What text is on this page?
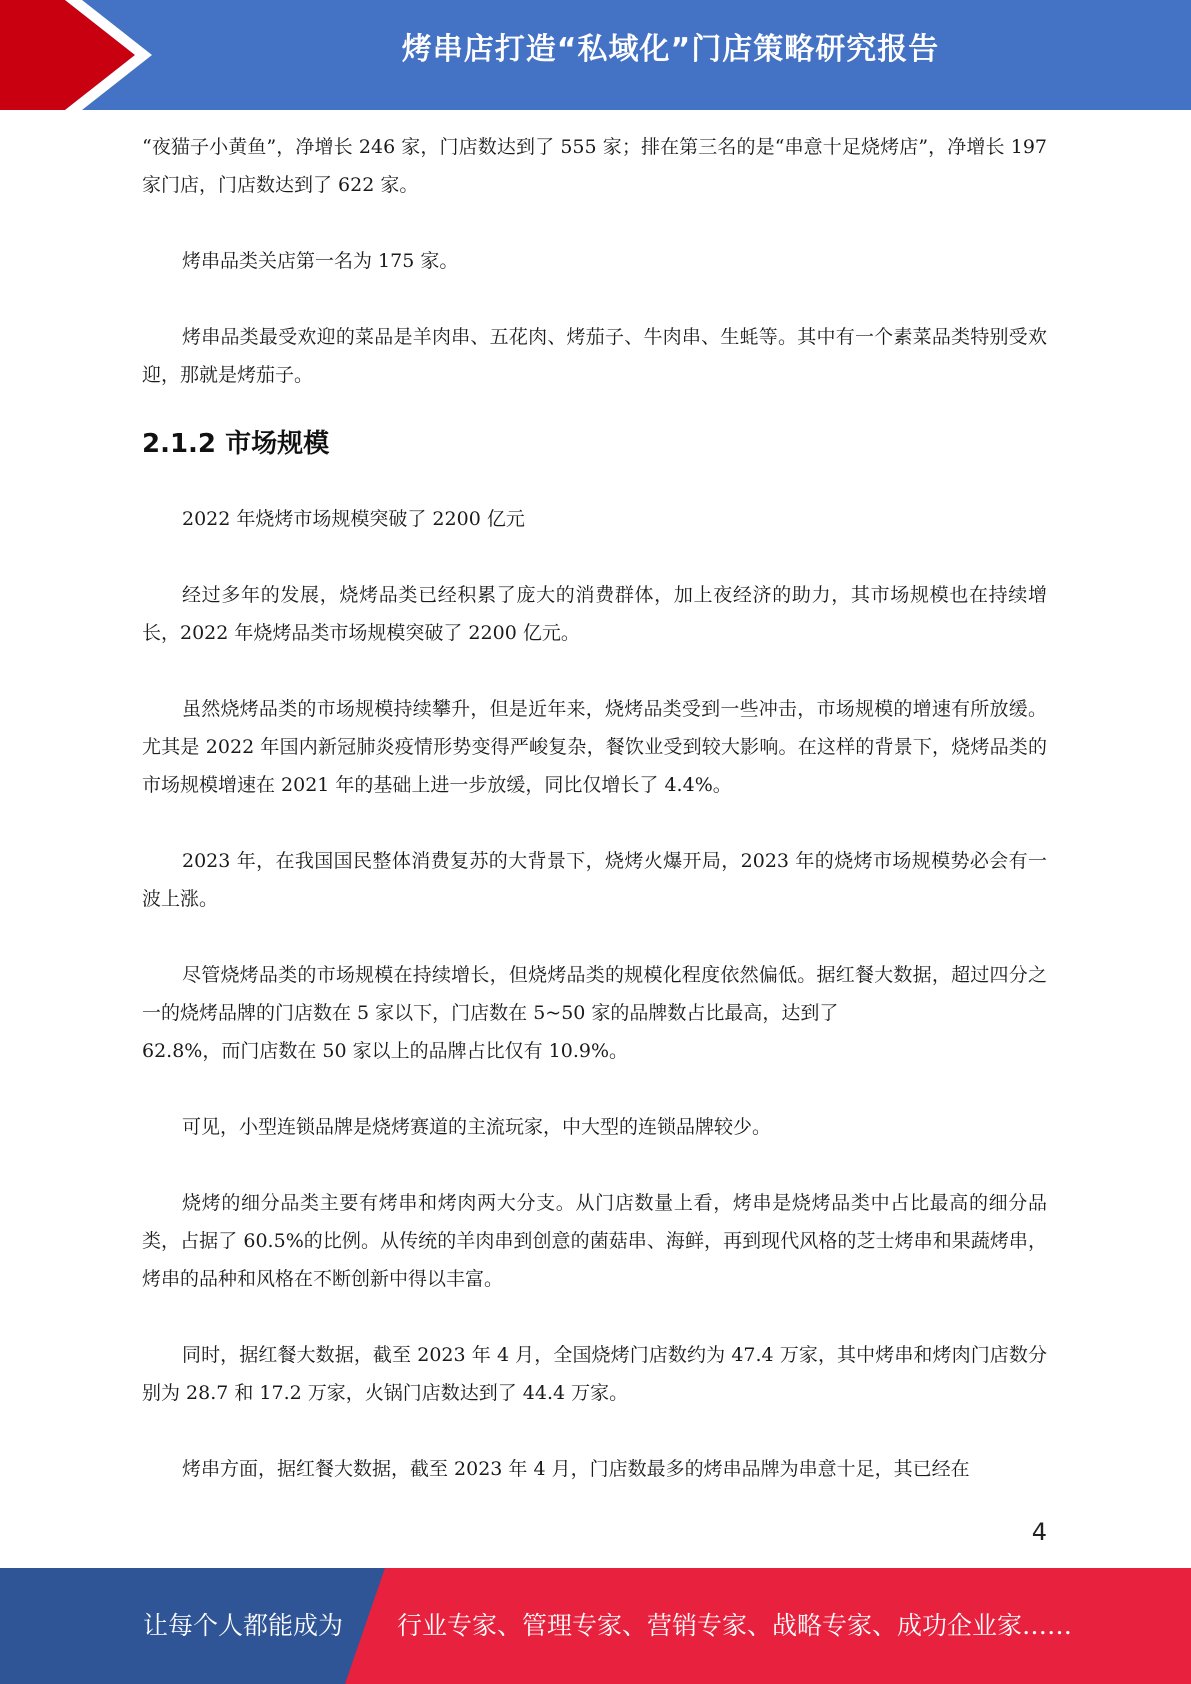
烤串店打造“私域化”门店策略研究报告

“夜猫子小黄鱼”，净增长 246 家，门店数达到了 555 家；排在第三名的是“串意十足烧烤店”，净增长 197 家门店，门店数达到了 622 家。

烤串品类关店第一名为 175 家。

烤串品类最受欢迎的菜品是羊肉串、五花肉、烤茄子、牛肉串、生蚝等。其中有一个素菜品类特别受欢迎，那就是烤茄子。

2.1.2 市场规模

2022 年烧烤市场规模突破了 2200 亿元

经过多年的发展，烧烤品类已经积累了庞大的消费群体，加上夜经济的助力，其市场规模也在持续增长，2022 年烧烤品类市场规模突破了 2200 亿元。

虽然烧烤品类的市场规模持续攀升，但是近年来，烧烤品类受到一些冲击，市场规模的增速有所放缓。尤其是 2022 年国内新冠肺炎疫情形势变得严峻复杂，餐饮业受到较大影响。在这样的背景下，烧烤品类的市场规模增速在 2021 年的基础上进一步放缓，同比仅增长了 4.4%。

2023 年，在我国国民整体消费复苏的大背景下，烧烤火爆开局，2023 年的烧烤市场规模势必会有一波上涨。

尽管烧烤品类的市场规模在持续增长，但烧烤品类的规模化程度依然偏低。据红餐大数据，超过四分之一的烧烤品牌的门店数在 5 家以下，门店数在 5~50 家的品牌数占比最高，达到了

62.8%，而门店数在 50 家以上的品牌占比仅有 10.9%。

可见，小型连锁品牌是烧烤赛道的主流玩家，中大型的连锁品牌较少。

烧烤的细分品类主要有烤串和烤肉两大分支。从门店数量上看，烤串是烧烤品类中占比最高的细分品类，占据了 60.5%的比例。从传统的羊肉串到创意的菌菇串、海鲜，再到现代风格的芝士烤串和果蔬烤串，烤串的品种和风格在不断创新中得以丰富。

同时，据红餐大数据，截至 2023 年 4 月，全国烧烤门店数约为 47.4 万家，其中烤串和烤肉门店数分别为 28.7 和 17.2 万家，火锅门店数达到了 44.4 万家。

烤串方面，据红餐大数据，截至 2023 年 4 月，门店数最多的烤串品牌为串意十足，其已经在

4
让每个人都能成为 行业专家、管理专家、营销专家、战略专家、成功企业家……
